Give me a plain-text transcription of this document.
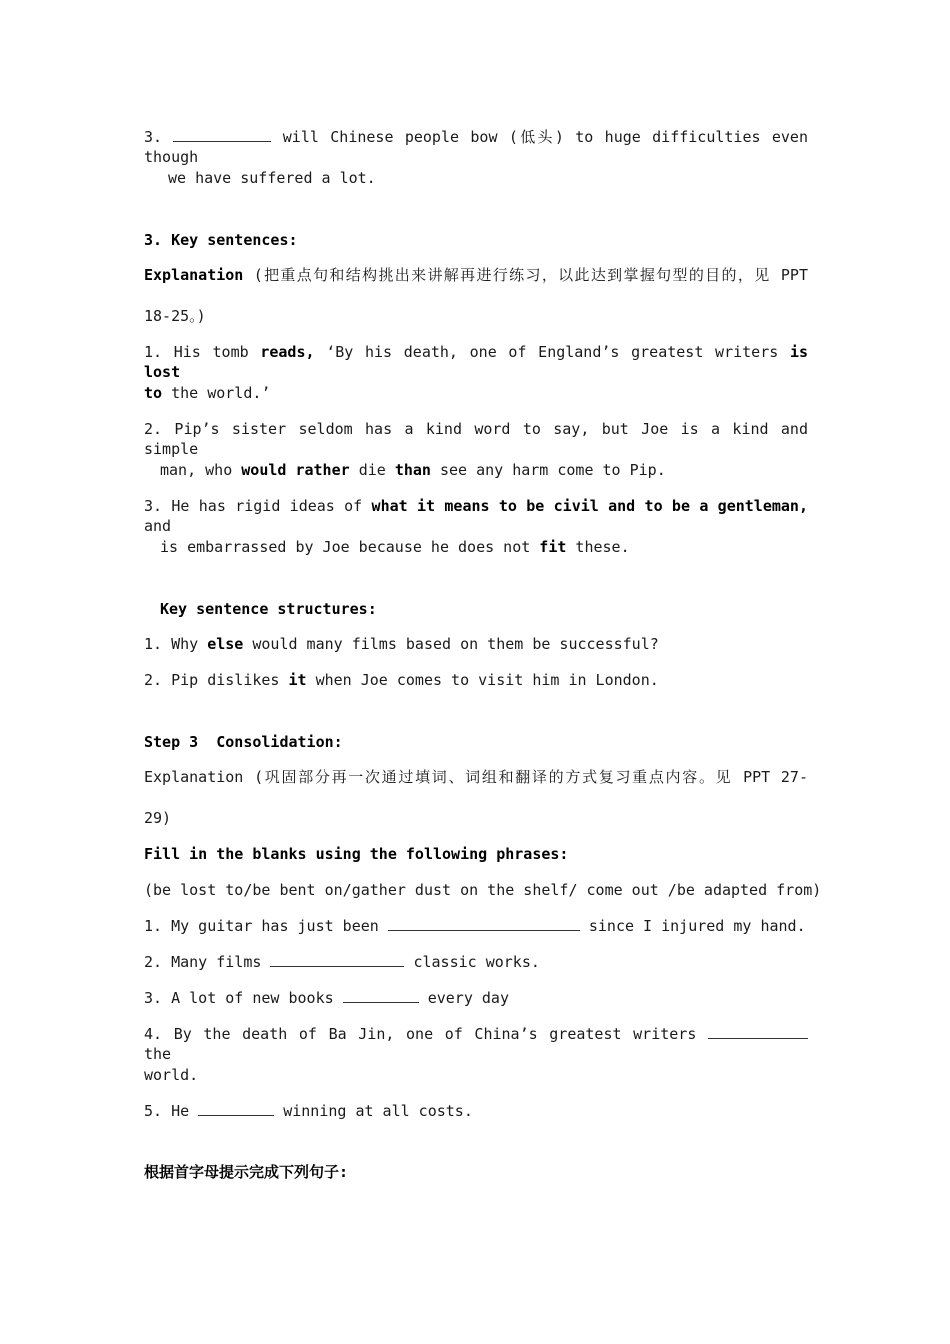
3.	will Chinese people bow (低头) to huge difficulties even though
we have suffered a lot.
3. Key sentences:
Explanation (把重点句和结构挑出来讲解再进行练习，以此达到掌握句型的目的，见 PPT
18-25。)
1. His tomb reads, ‘By his death, one of England’s greatest writers is lost
to the world.’
2. Pip’s sister seldom has a kind word to say, but Joe is a kind and simple
man, who would rather die than see any harm come to Pip.
3. He has rigid ideas of what it means to be civil and to be a gentleman, and
is embarrassed by Joe because he does not fit these.
Key sentence structures:
1. Why else would many films based on them be successful?
2. Pip dislikes it when Joe comes to visit him in London.
Step 3  Consolidation:
Explanation (巩固部分再一次通过填词、词组和翻译的方式复习重点内容。见 PPT 27-
29)
Fill in the blanks using the following phrases:
(be lost to/be bent on/gather dust on the shelf/ come out /be adapted from)
1. My guitar has just been	since I injured my hand.
2. Many films	classic works.
3. A lot of new books	every day
4. By the death of Ba Jin, one of China’s greatest writers  the
world.
5. He	winning at all costs.
根据首字母提示完成下列句子:
